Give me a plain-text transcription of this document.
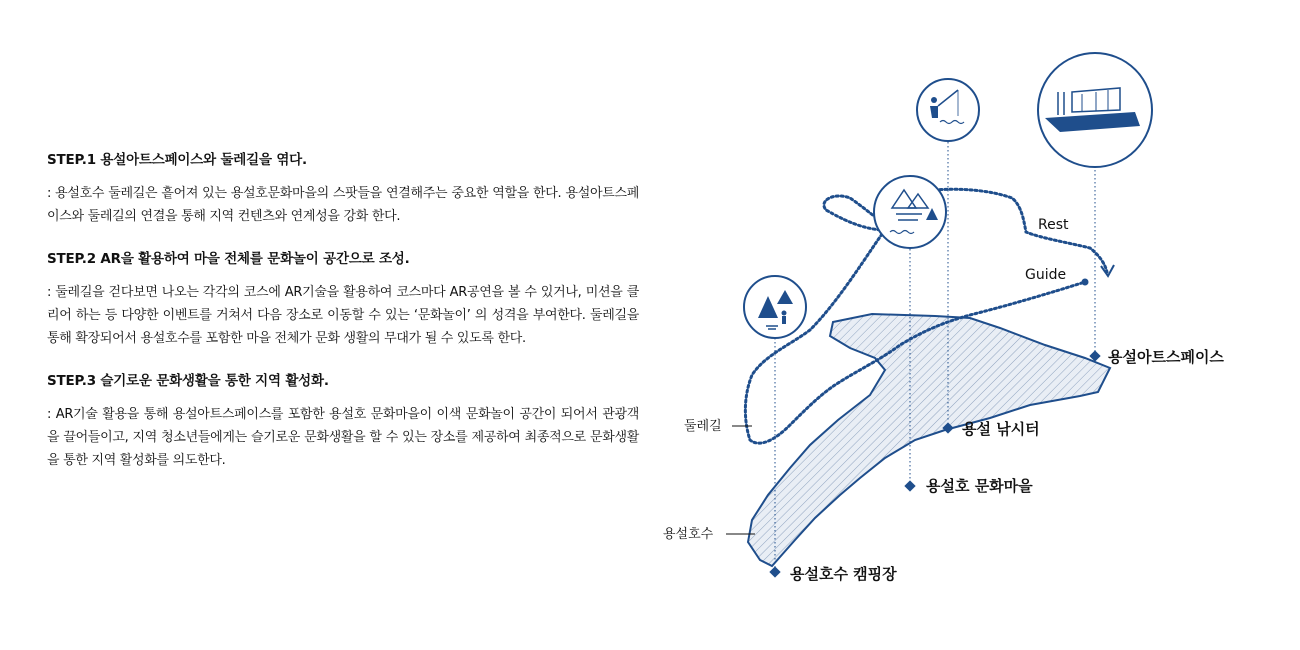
STEP.1 용설아트스페이스와 둘레길을 엮다.

: 용설호수 둘레길은 흩어져 있는 용설호문화마을의 스팟들을 연결해주는 중요한 역할을 한다. 용설아트스페이스와 둘레길의 연결을 통해 지역 컨텐츠와 연계성을 강화 한다.

STEP.2 AR을 활용하여 마을 전체를 문화놀이 공간으로 조성.

: 둘레길을 걷다보면 나오는 각각의 코스에 AR기술을 활용하여 코스마다 AR공연을 볼 수 있거나, 미션을 클리어 하는 등 다양한 이벤트를 거쳐서 다음 장소로 이동할 수 있는 ‘문화놀이’ 의 성격을 부여한다. 둘레길을 통해 확장되어서 용설호수를 포함한 마을 전체가 문화 생활의 무대가 될 수 있도록 한다.

STEP.3 슬기로운 문화생활을 통한 지역 활성화.

: AR기술 활용을 통해 용설아트스페이스를 포함한 용설호 문화마을이 이색 문화놀이 공간이 되어서 관광객을 끌어들이고, 지역 청소년들에게는 슬기로운 문화생활을 할 수 있는 장소를 제공하여 최종적으로 문화생활을 통한 지역 활성화를 의도한다.

용설아트스페이스
용설 낚시터
용설호 문화마을
용설호수 캠핑장
둘레길
용설호수
Rest
Guide
